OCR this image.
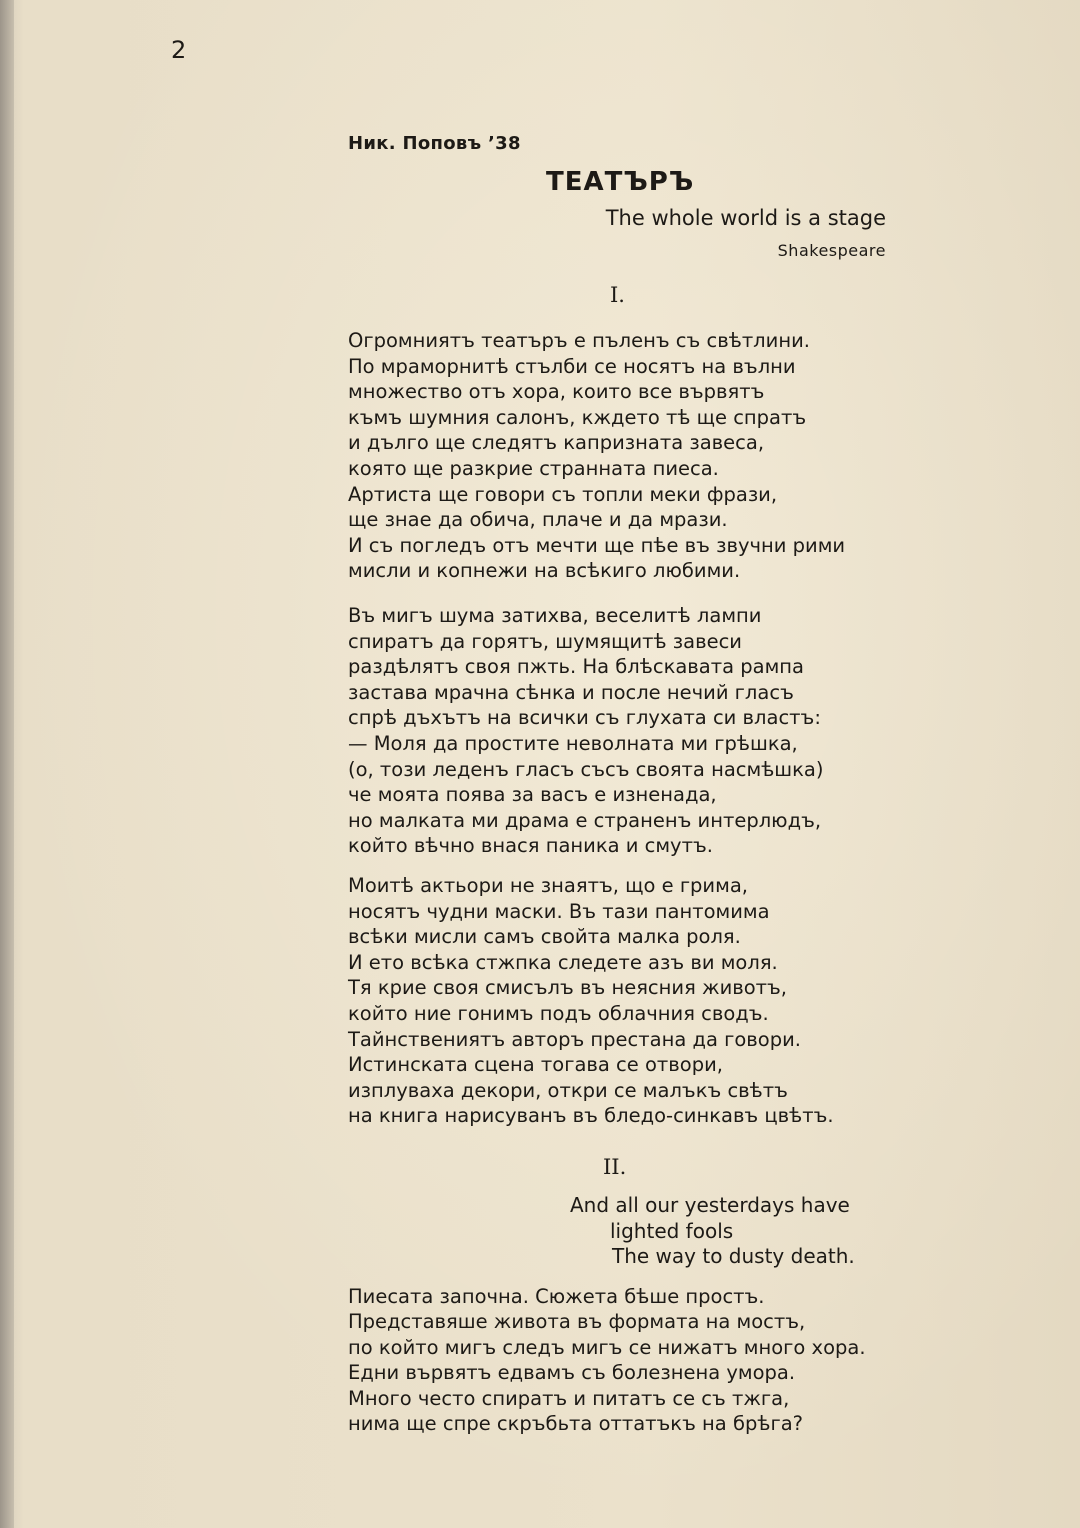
2
Ник. Поповъ ’38
ТЕАТЪРЪ
The whole world is a stage
Shakespeare
I.
Огромниятъ театъръ е пъленъ съ свѣтлини.
По мраморнитѣ стълби се носятъ на вълни
множество отъ хора, които все вървятъ
къмъ шумния салонъ, кждето тѣ ще спратъ
и дълго ще следятъ капризната завеса,
която ще разкрие странната пиеса.
Артиста ще говори съ топли меки фрази,
ще знае да обича, плаче и да мрази.
И съ погледъ отъ мечти ще пѣе въ звучни рими
мисли и копнежи на всѣкиго любими.
Въ мигъ шума затихва, веселитѣ лампи
спиратъ да горятъ, шумящитѣ завеси
раздѣлятъ своя пжть. На блѣскавата рампа
застава мрачна сѣнка и после нечий гласъ
спрѣ дъхътъ на всички съ глухата си властъ:
— Моля да простите неволната ми грѣшка,
(о, този леденъ гласъ съсъ своята насмѣшка)
че моята поява за васъ е изненада,
но малката ми драма е страненъ интерлюдъ,
който вѣчно внася паника и смутъ.
Моитѣ актьори не знаятъ, що е грима,
носятъ чудни маски. Въ тази пантомима
всѣки мисли самъ свойта малка роля.
И ето всѣка стжпка следете азъ ви моля.
Тя крие своя смисълъ въ неясния животъ,
който ние гонимъ подъ облачния сводъ.
Тайнствениятъ авторъ престана да говори.
Истинската сцена тогава се отвори,
изплуваха декори, откри се малъкъ свѣтъ
на книга нарисуванъ въ бледо-синкавъ цвѣтъ.
II.
And all our yesterdays have
lighted fools
The way to dusty death.
Пиесата започна. Сюжета бѣше простъ.
Представяше живота въ формата на мостъ,
по който мигъ следъ мигъ се нижатъ много хора.
Едни вървятъ едвамъ съ болезнена умора.
Много често спиратъ и питатъ се съ тжга,
нима ще спре скръбьта оттатъкъ на брѣга?
